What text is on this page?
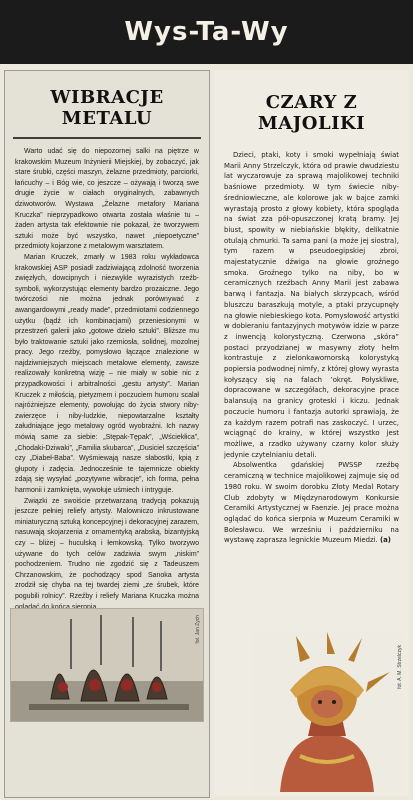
Wys-Ta-Wy
WIBRACJE METALU

Warto udać się do niepozornej salki na piętrze w krakowskim Muzeum Inżynierii Miejskiej, by zobaczyć, jak stare śrubki, części maszyn, żelazne przedmioty, parciorki, łańcuchy – i Bóg wie, co jeszcze – ożywają i tworzą swe drugie życie w ciałach oryginalnych, zabawnych dziwotworów. Wystawa „Żelazne metafory Mariana Kruczka” nieprzypadkowo otwarta została właśnie tu – żaden artysta tak efektownie nie pokazał, że tworzywem sztuki może być wszystko, nawet „niepoetyczne” przedmioty kojarzone z metalowym warsztatem.

Marian Kruczek, zmarły w 1983 roku wykładowca krakowskiej ASP posiadł zadziwiającą zdolność tworzenia zwięzłych, dowcipnych i niezwykle wyrazistych rzeźb-symboli, wykorzystując elementy bardzo prozaiczne. Jego twórczości nie można jednak porównywać z awangardowymi „ready made”, przedmiotami codziennego użytku (bądź ich kombinacjami) przeniesionymi w przestrzeń galerii jako „gotowe dzieło sztuki”. Bliższe mu było traktowanie sztuki jako rzemiosła, solidnej, mozolnej pracy. Jego rzeźby, pomysłowo łączące znalezione w najdziwniejszych miejscach metalowe elementy, zawsze realizowały konkretną wizję – nie miały w sobie nic z przypadkowości i arbitralności „gestu artysty”. Marian Kruczek z miłością, pietyzmem i poczuciem humoru scalał najróżniejsze elementy, powołując do życia stwory niby-zwierzęce i niby-ludzkie, niepowtarzalne kształty załudniające jego metalowy ogród wyobraźni. Ich nazwy mówią same za siebie: „Stępak-Tępak”, „Wściekłica”, „Chodaki-Dziwaki”, „Familia skubarca”, „Dusiciel szczęścia” czy „Diabeł-Baba”. Wyśmiewają nasze słabostki, kpią z głupoty i zadęcia. Jednocześnie te tajemnicze obiekty zdają się wysyłać „pozytywne wibracje”, ich forma, pełna harmonii i zamknięta, wywołuje uśmiech i intryguje.

Związki ze swoiście przetwarzaną tradycją pokazują jeszcze pełniej reliefy artysty. Malowniczo inkrustowane miniaturyczną sztuką koncepcyjnej i dekoracyjnej zarazem, nasuwają skojarzenia z ornamentyką arabską, bizantyjską czy – bliżej – huculską i łemkowską. Tylko tworzywo używane do tych celów zadziwia swym „niskim” pochodzeniem. Trudno nie zgodzić się z Tadeuszem Chrzanowskim, że pochodzący spod Sanoka artysta zrodził się chyba na tej twardej ziemi „ze śrubek, które pogubili rolnicy”. Rzeźby i reliefy Mariana Kruczka można

fot. Jan Zych
CZARY Z MAJOLIKI

Dzieci, ptaki, koty i smoki wypełniają świat Marii Anny Strzelczyk, która od prawie dwudziestu lat wyczarowuje za sprawą majolikowej techniki baśniowe przedmioty. W tym świecie niby-średniowieczne, ale kolorowe jak w bajce zamki wyrastają prosto z głowy kobiety, która spogląda na świat zza pół-opuszczonej kratą bramy. Jej biust, spowity w niebiańskie błękity, delikatnie otulają chmurki. Ta sama pani (a może jej siostra), tym razem w pseudoegipskiej zbroi, majestatycznie dźwiga na głowie groźnego smoka. Groźnego tylko na niby, bo w ceramicznych rzeźbach Anny Marii jest zabawa barwą i fantazja. Na białych skrzypcach, wśród bluszczu baraszkują motyle, a ptaki przycupnęły na głowie niebieskiego kota. Pomysłowość artystki w dobieraniu fantazyjnych motywów idzie w parze z inwencją kolorystyczną. Czerwona „skóra” postaci przyodzianej w masywny złoty hełm kontrastuje z zielonkawomorską kolorystyką popiersia podwodnej nimfy, z której głowy wyrasta kołyszący się na falach ’okręt. Połyskliwe, dopracowane w szczegółach, dekoracyjne prace balansują na granicy groteski i kiczu. Jednak poczucie humoru i fantazja autorki sprawiają, że za każdym razem potrafi nas zaskoczyć. I urzec, wciągnąć do krainy, w której wszystko jest możliwe, a rzadko używany czarny kolor służy jedynie czytelnianiu detali.

Absolwentka gdańskiej PWSSP rzeźbę ceramiczną w technice majolikowej zajmuje się od 1980 roku. W swoim dorobku Złoty Medal Rotary Club zdobyty w Międzynarodowym Konkursie Ceramiki Artystycznej w Faenzie. Jej prace można oglądać do końca sierpnia w Muzeum Ceramiki w Bolesławcu. We wrześniu i październiku na wystawę zaprasza legnickie Muzeum Miedzi. (a)

fot. A. M. Strzelczyk
